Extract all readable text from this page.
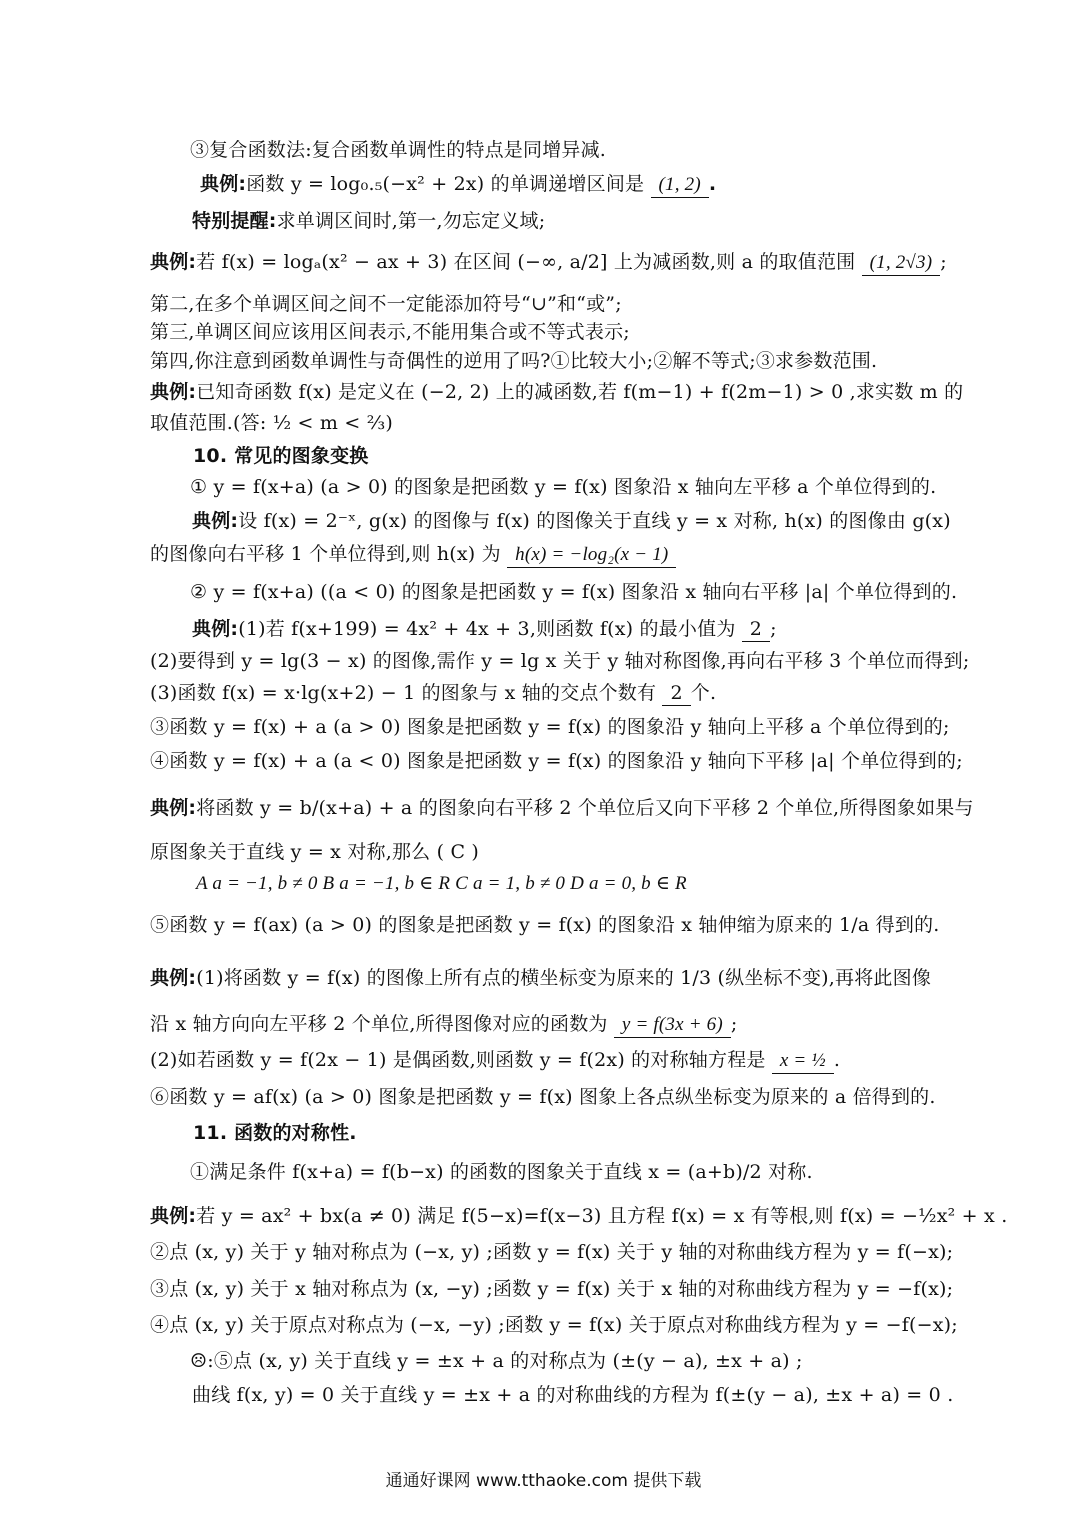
③复合函数法:复合函数单调性的特点是同增异减.
典例:函数 y = log₀.₅(−x² + 2x) 的单调递增区间是 (1, 2) .
特别提醒:求单调区间时,第一,勿忘定义域;
典例:若 f(x) = logₐ(x² − ax + 3) 在区间 (−∞, a/2] 上为减函数,则 a 的取值范围 (1, 2√3) ;
第二,在多个单调区间之间不一定能添加符号“∪”和“或”;
第三,单调区间应该用区间表示,不能用集合或不等式表示;
第四,你注意到函数单调性与奇偶性的逆用了吗?①比较大小;②解不等式;③求参数范围.
典例:已知奇函数 f(x) 是定义在 (−2, 2) 上的减函数,若 f(m−1) + f(2m−1) > 0 ,求实数 m 的
取值范围.(答: ½ < m < ⅔)
10. 常见的图象变换
① y = f(x+a) (a > 0) 的图象是把函数 y = f(x) 图象沿 x 轴向左平移 a 个单位得到的.
典例:设 f(x) = 2⁻ˣ, g(x) 的图像与 f(x) 的图像关于直线 y = x 对称, h(x) 的图像由 g(x)
的图像向右平移 1 个单位得到,则 h(x) 为 h(x) = −log₂(x − 1)
② y = f(x+a) ((a < 0) 的图象是把函数 y = f(x) 图象沿 x 轴向右平移 |a| 个单位得到的.
典例:(1)若 f(x+199) = 4x² + 4x + 3,则函数 f(x) 的最小值为 2 ;
(2)要得到 y = lg(3 − x) 的图像,需作 y = lg x 关于 y 轴对称图像,再向右平移 3 个单位而得到;
(3)函数 f(x) = x·lg(x+2) − 1 的图象与 x 轴的交点个数有 2 个.
③函数 y = f(x) + a (a > 0) 图象是把函数 y = f(x) 的图象沿 y 轴向上平移 a 个单位得到的;
④函数 y = f(x) + a (a < 0) 图象是把函数 y = f(x) 的图象沿 y 轴向下平移 |a| 个单位得到的;
典例:将函数 y = b/(x+a) + a 的图象向右平移 2 个单位后又向下平移 2 个单位,所得图象如果与
原图象关于直线 y = x 对称,那么 ( C )
A a = −1, b ≠ 0 B a = −1, b ∈ R C a = 1, b ≠ 0 D a = 0, b ∈ R
⑤函数 y = f(ax) (a > 0) 的图象是把函数 y = f(x) 的图象沿 x 轴伸缩为原来的 1/a 得到的.
典例:(1)将函数 y = f(x) 的图像上所有点的横坐标变为原来的 1/3 (纵坐标不变),再将此图像
沿 x 轴方向向左平移 2 个单位,所得图像对应的函数为 y = f(3x + 6) ;
(2)如若函数 y = f(2x − 1) 是偶函数,则函数 y = f(2x) 的对称轴方程是 x = ½ .
⑥函数 y = af(x) (a > 0) 图象是把函数 y = f(x) 图象上各点纵坐标变为原来的 a 倍得到的.
11. 函数的对称性.
①满足条件 f(x+a) = f(b−x) 的函数的图象关于直线 x = (a+b)/2 对称.
典例:若 y = ax² + bx(a ≠ 0) 满足 f(5−x)=f(x−3) 且方程 f(x) = x 有等根,则 f(x) = −½x² + x .
②点 (x, y) 关于 y 轴对称点为 (−x, y) ;函数 y = f(x) 关于 y 轴的对称曲线方程为 y = f(−x);
③点 (x, y) 关于 x 轴对称点为 (x, −y) ;函数 y = f(x) 关于 x 轴的对称曲线方程为 y = −f(x);
④点 (x, y) 关于原点对称点为 (−x, −y) ;函数 y = f(x) 关于原点对称曲线方程为 y = −f(−x);
☹:⑤点 (x, y) 关于直线 y = ±x + a 的对称点为 (±(y − a), ±x + a) ;
曲线 f(x, y) = 0 关于直线 y = ±x + a 的对称曲线的方程为 f(±(y − a), ±x + a) = 0 .
通通好课网 www.tthaoke.com 提供下载
